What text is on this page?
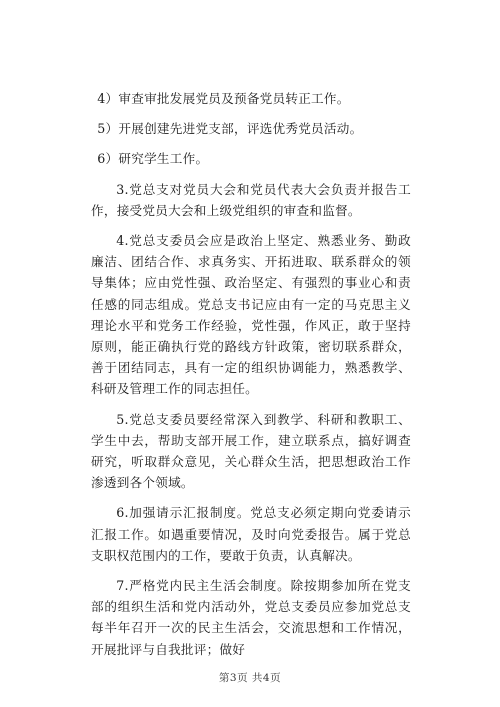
4）审查审批发展党员及预备党员转正工作。

5）开展创建先进党支部，评选优秀党员活动。

6）研究学生工作。

3.党总支对党员大会和党员代表大会负责并报告工作，接受党员大会和上级党组织的审查和监督。

4.党总支委员会应是政治上坚定、熟悉业务、勤政廉洁、团结合作、求真务实、开拓进取、联系群众的领导集体；应由党性强、政治坚定、有强烈的事业心和责任感的同志组成。党总支书记应由有一定的马克思主义理论水平和党务工作经验，党性强，作风正，敢于坚持原则，能正确执行党的路线方针政策，密切联系群众，善于团结同志，具有一定的组织协调能力，熟悉教学、科研及管理工作的同志担任。

5.党总支委员要经常深入到教学、科研和教职工、学生中去，帮助支部开展工作，建立联系点，搞好调查研究，听取群众意见，关心群众生活，把思想政治工作渗透到各个领域。

6.加强请示汇报制度。党总支必须定期向党委请示汇报工作。如遇重要情况，及时向党委报告。属于党总支职权范围内的工作，要敢于负责，认真解决。

7.严格党内民主生活会制度。除按期参加所在党支部的组织生活和党内活动外，党总支委员应参加党总支每半年召开一次的民主生活会，交流思想和工作情况，开展批评与自我批评；做好

第3页 共4页
